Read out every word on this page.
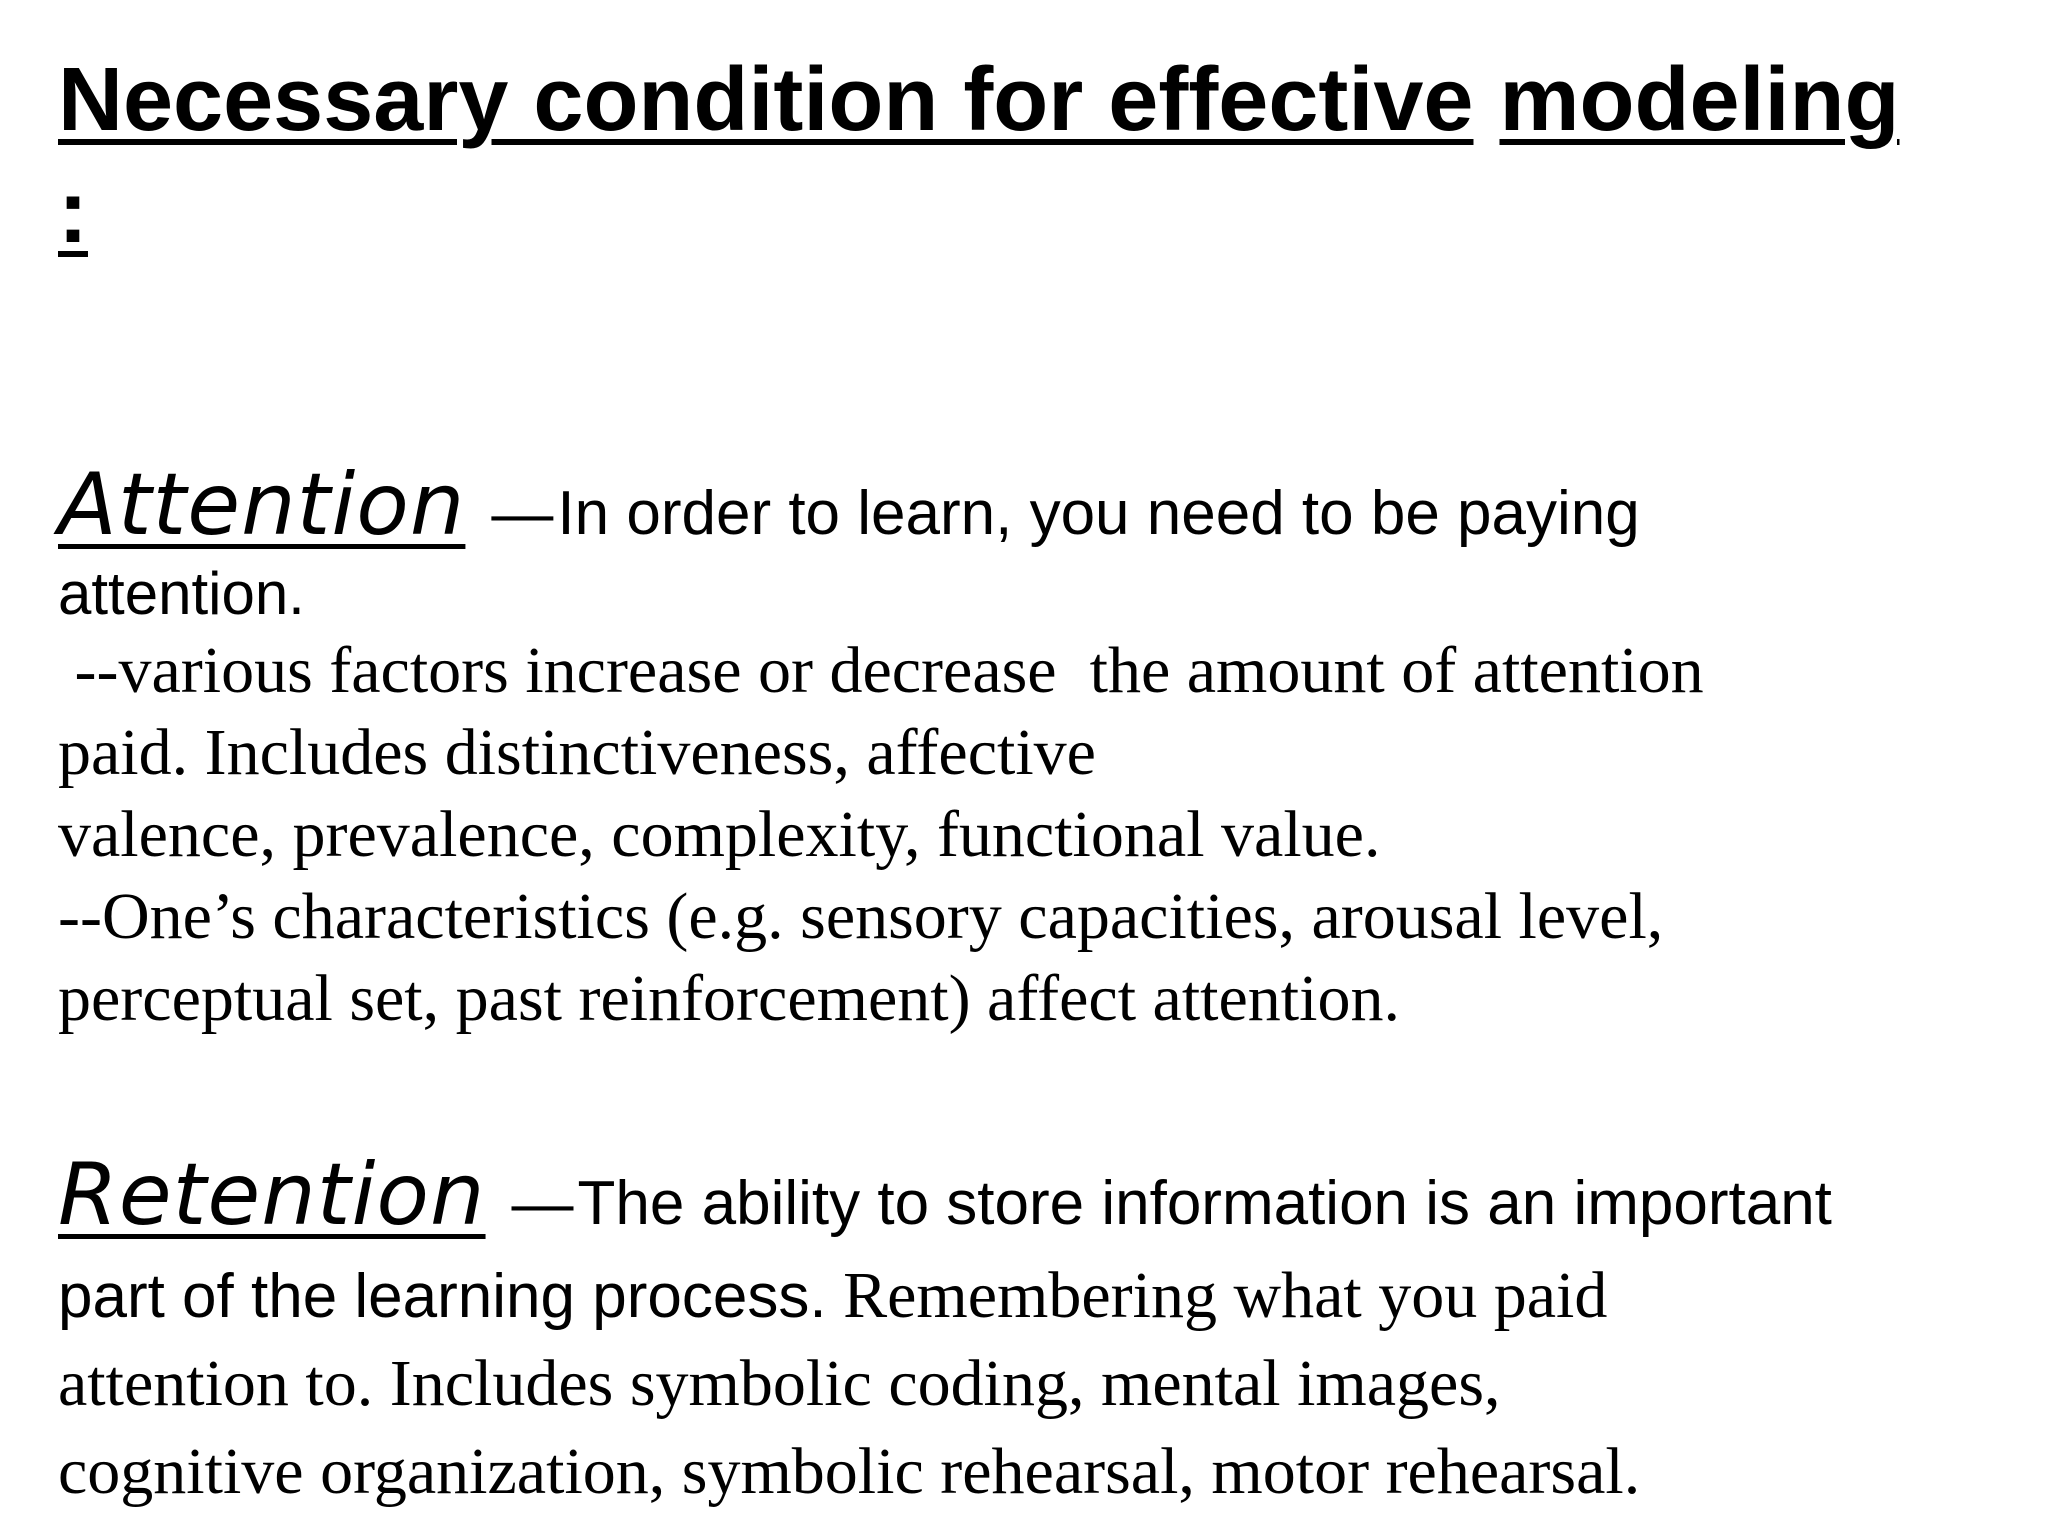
Necessary condition for effective modeling
:
Attention — In order to learn, you need to be paying
attention.
--various factors increase or decrease  the amount of attention
paid. Includes distinctiveness, affective
valence, prevalence, complexity, functional value.
--One’s characteristics (e.g. sensory capacities, arousal level,
perceptual set, past reinforcement) affect attention.
Retention — The ability to store information is an important
part of the learning process. Remembering what you paid
attention to. Includes symbolic coding, mental images,
cognitive organization, symbolic rehearsal, motor rehearsal.
